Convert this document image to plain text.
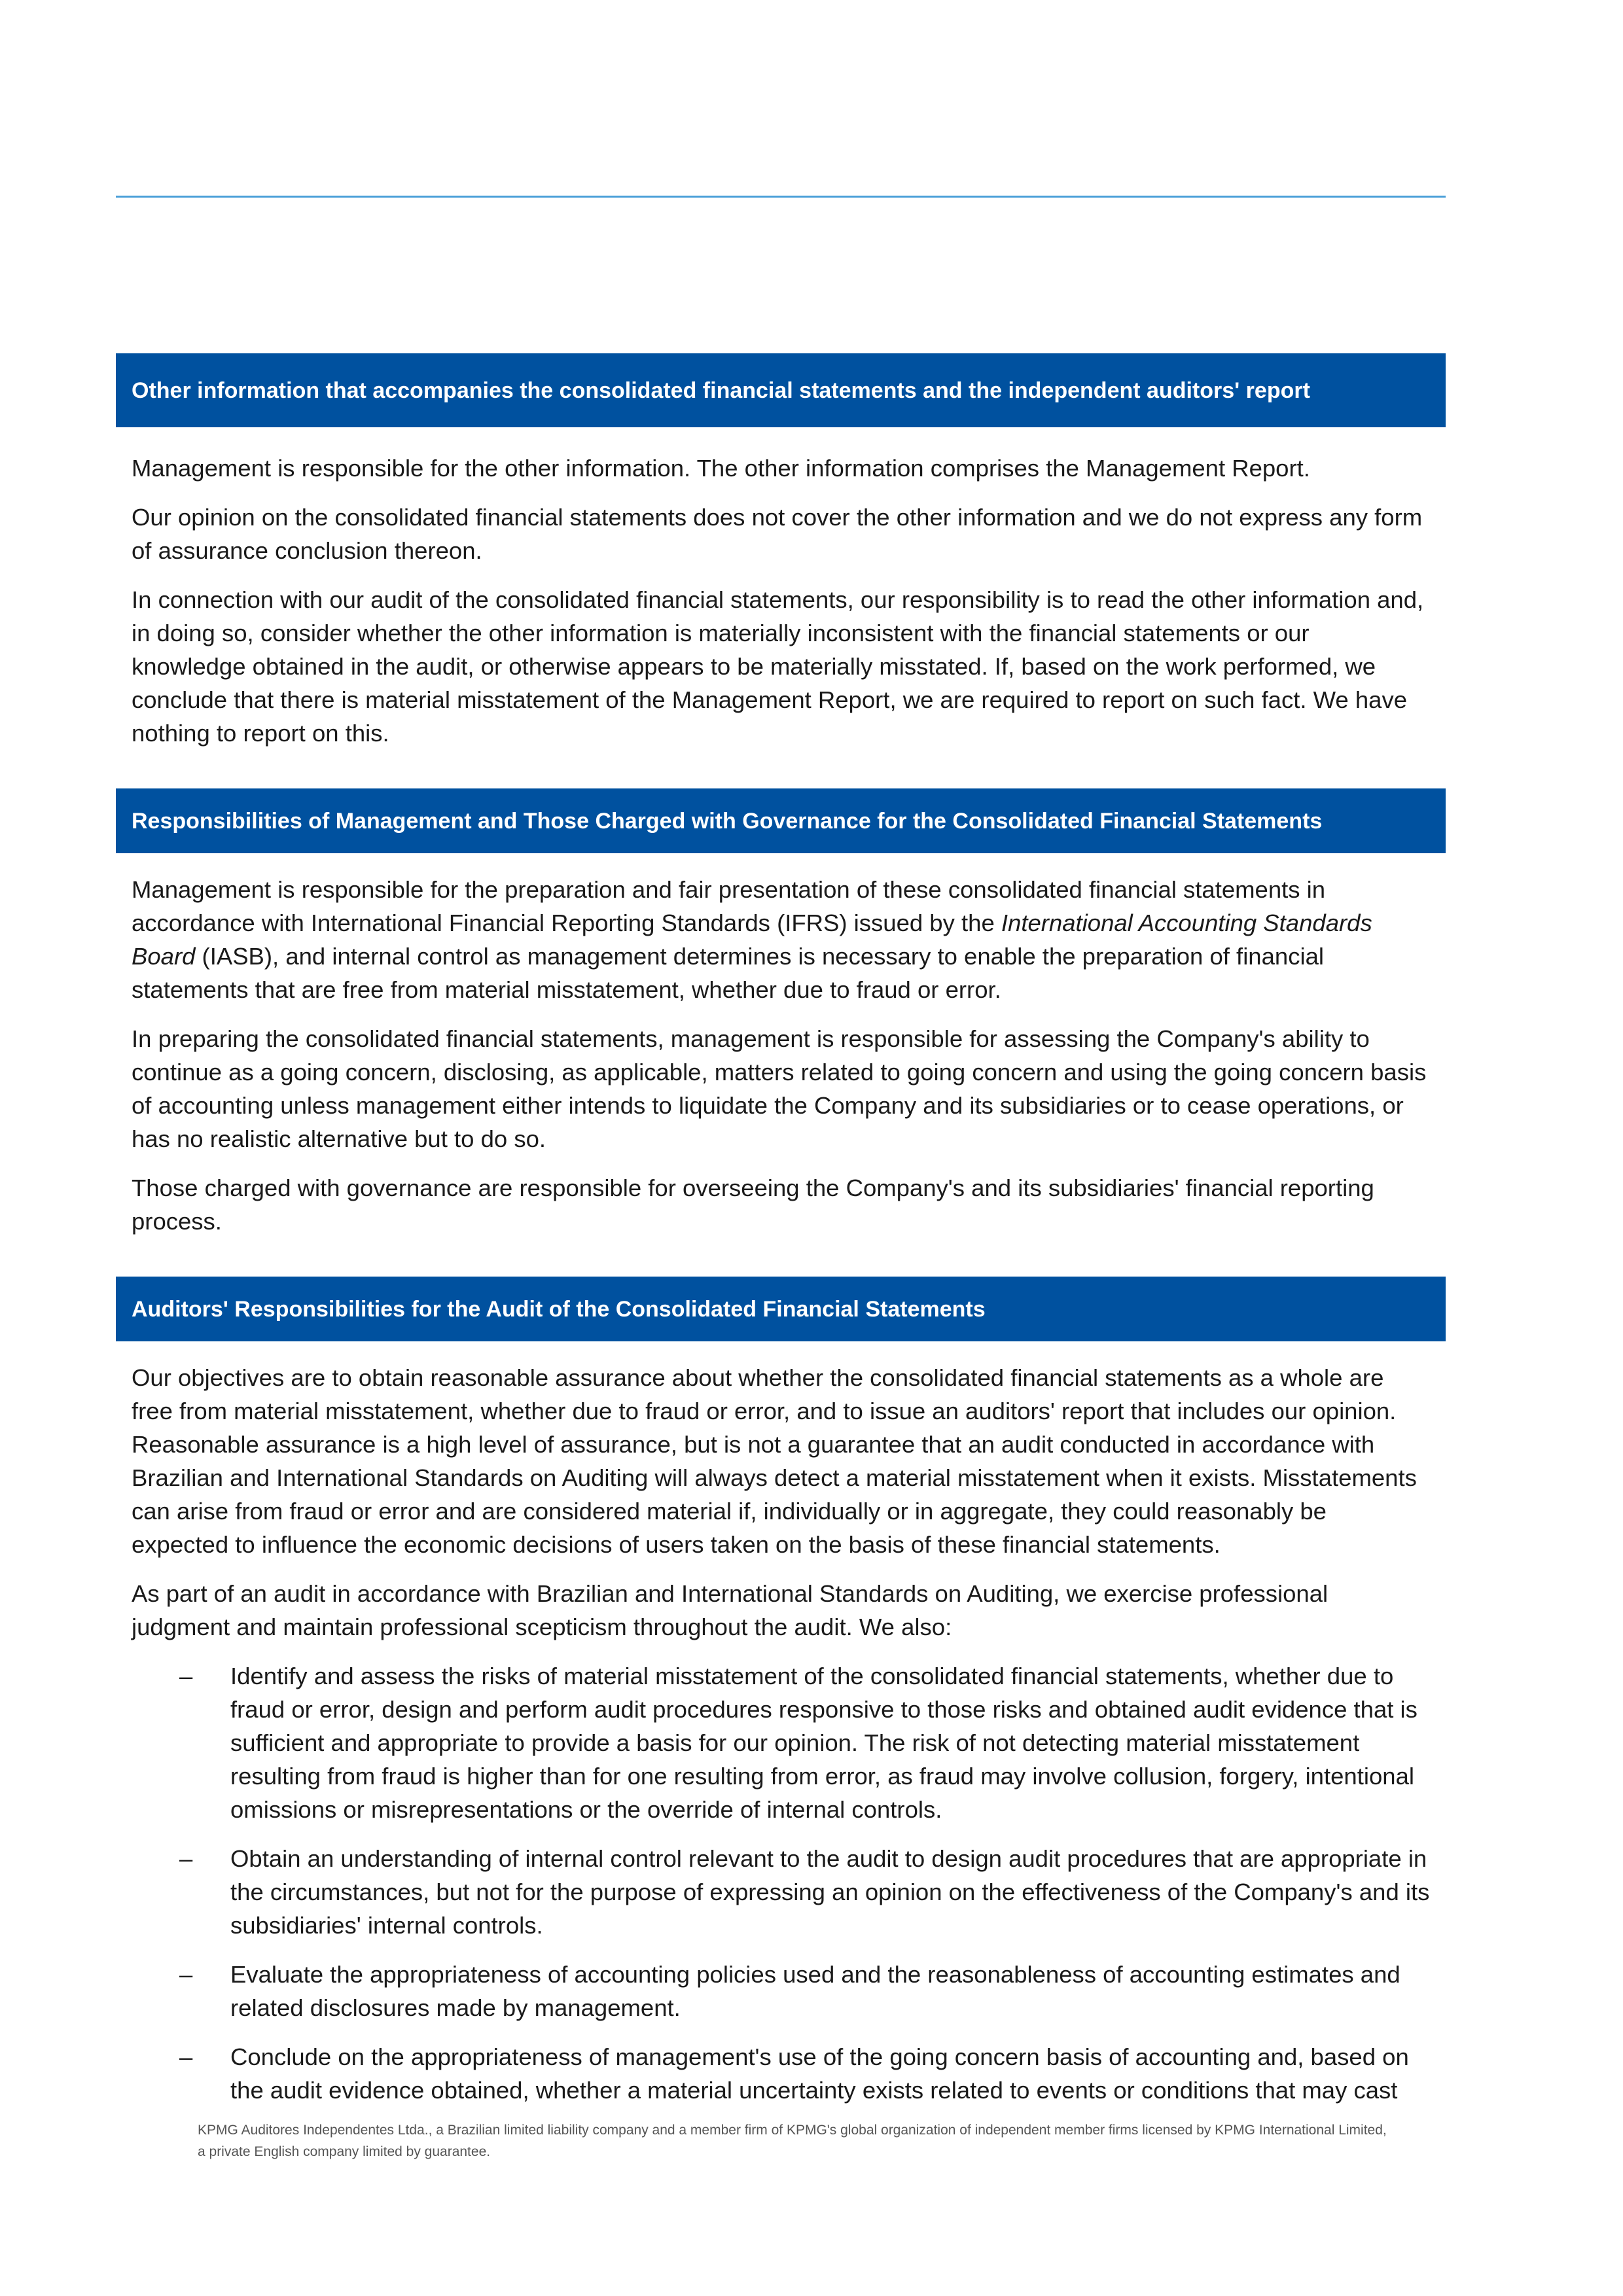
Other information that accompanies the consolidated financial statements and the independent auditors' report

Management is responsible for the other information. The other information comprises the Management Report.

Our opinion on the consolidated financial statements does not cover the other information and we do not express any form of assurance conclusion thereon.

In connection with our audit of the consolidated financial statements, our responsibility is to read the other information and, in doing so, consider whether the other information is materially inconsistent with the financial statements or our knowledge obtained in the audit, or otherwise appears to be materially misstated. If, based on the work performed, we conclude that there is material misstatement of the Management Report, we are required to report on such fact. We have nothing to report on this.

Responsibilities of Management and Those Charged with Governance for the Consolidated Financial Statements

Management is responsible for the preparation and fair presentation of these consolidated financial statements in accordance with International Financial Reporting Standards (IFRS) issued by the International Accounting Standards Board (IASB), and internal control as management determines is necessary to enable the preparation of financial statements that are free from material misstatement, whether due to fraud or error.

In preparing the consolidated financial statements, management is responsible for assessing the Company's ability to continue as a going concern, disclosing, as applicable, matters related to going concern and using the going concern basis of accounting unless management either intends to liquidate the Company and its subsidiaries or to cease operations, or has no realistic alternative but to do so.

Those charged with governance are responsible for overseeing the Company's and its subsidiaries' financial reporting process.

Auditors' Responsibilities for the Audit of the Consolidated Financial Statements

Our objectives are to obtain reasonable assurance about whether the consolidated financial statements as a whole are free from material misstatement, whether due to fraud or error, and to issue an auditors' report that includes our opinion. Reasonable assurance is a high level of assurance, but is not a guarantee that an audit conducted in accordance with Brazilian and International Standards on Auditing will always detect a material misstatement when it exists. Misstatements can arise from fraud or error and are considered material if, individually or in aggregate, they could reasonably be expected to influence the economic decisions of users taken on the basis of these financial statements.

As part of an audit in accordance with Brazilian and International Standards on Auditing, we exercise professional judgment and maintain professional scepticism throughout the audit. We also:

– Identify and assess the risks of material misstatement of the consolidated financial statements, whether due to fraud or error, design and perform audit procedures responsive to those risks and obtained audit evidence that is sufficient and appropriate to provide a basis for our opinion. The risk of not detecting material misstatement resulting from fraud is higher than for one resulting from error, as fraud may involve collusion, forgery, intentional omissions or misrepresentations or the override of internal controls.
– Obtain an understanding of internal control relevant to the audit to design audit procedures that are appropriate in the circumstances, but not for the purpose of expressing an opinion on the effectiveness of the Company's and its subsidiaries' internal controls.
– Evaluate the appropriateness of accounting policies used and the reasonableness of accounting estimates and related disclosures made by management.
– Conclude on the appropriateness of management's use of the going concern basis of accounting and, based on the audit evidence obtained, whether a material uncertainty exists related to events or conditions that may cast
KPMG Auditores Independentes Ltda., a Brazilian limited liability company and a member firm of KPMG's global organization of independent member firms licensed by KPMG International Limited, a private English company limited by guarantee.
